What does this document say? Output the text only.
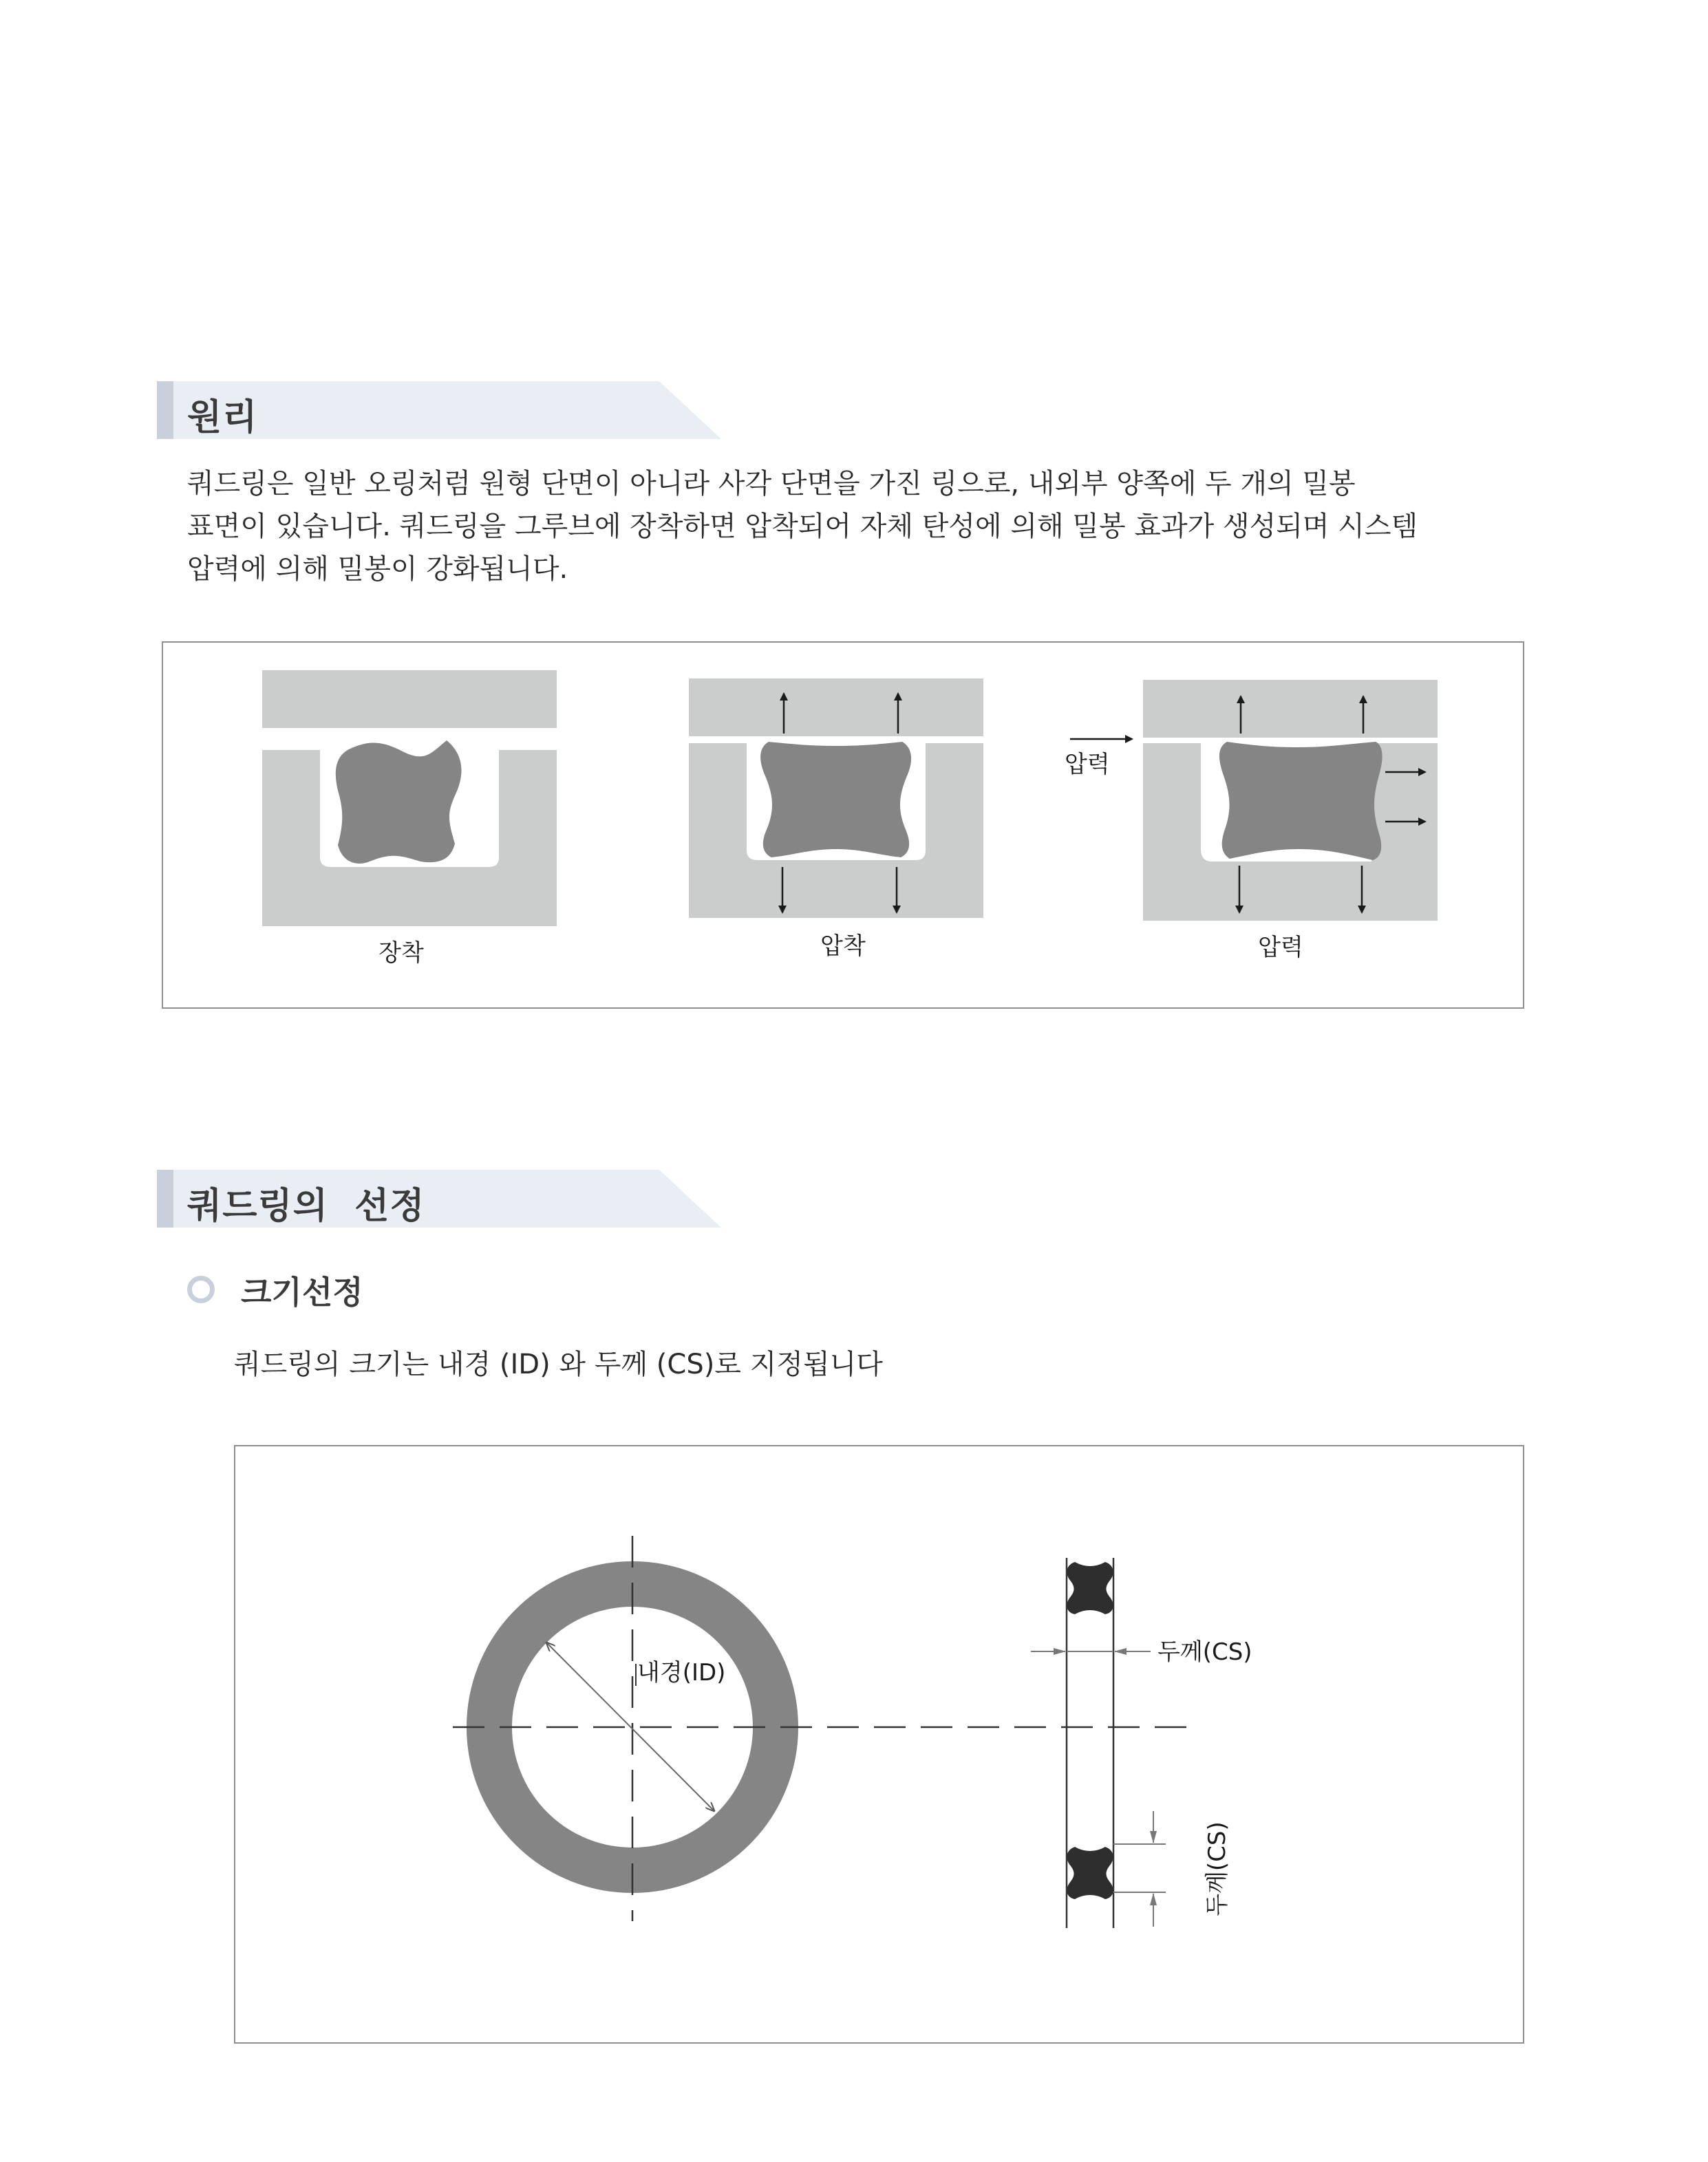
원리
쿼드링은 일반 오링처럼 원형 단면이 아니라 사각 단면을 가진 링으로, 내외부 양쪽에 두 개의 밀봉
표면이 있습니다. 쿼드링을 그루브에 장착하면 압착되어 자체 탄성에 의해 밀봉 효과가 생성되며 시스템
압력에 의해 밀봉이 강화됩니다.
장착	압착
압력
압력
쿼드링의  선정
크기선정
쿼드링의 크기는 내경 (ID) 와 두께 (CS)로 지정됩니다
내경(ID)
두께(CS)
두께(CS)
